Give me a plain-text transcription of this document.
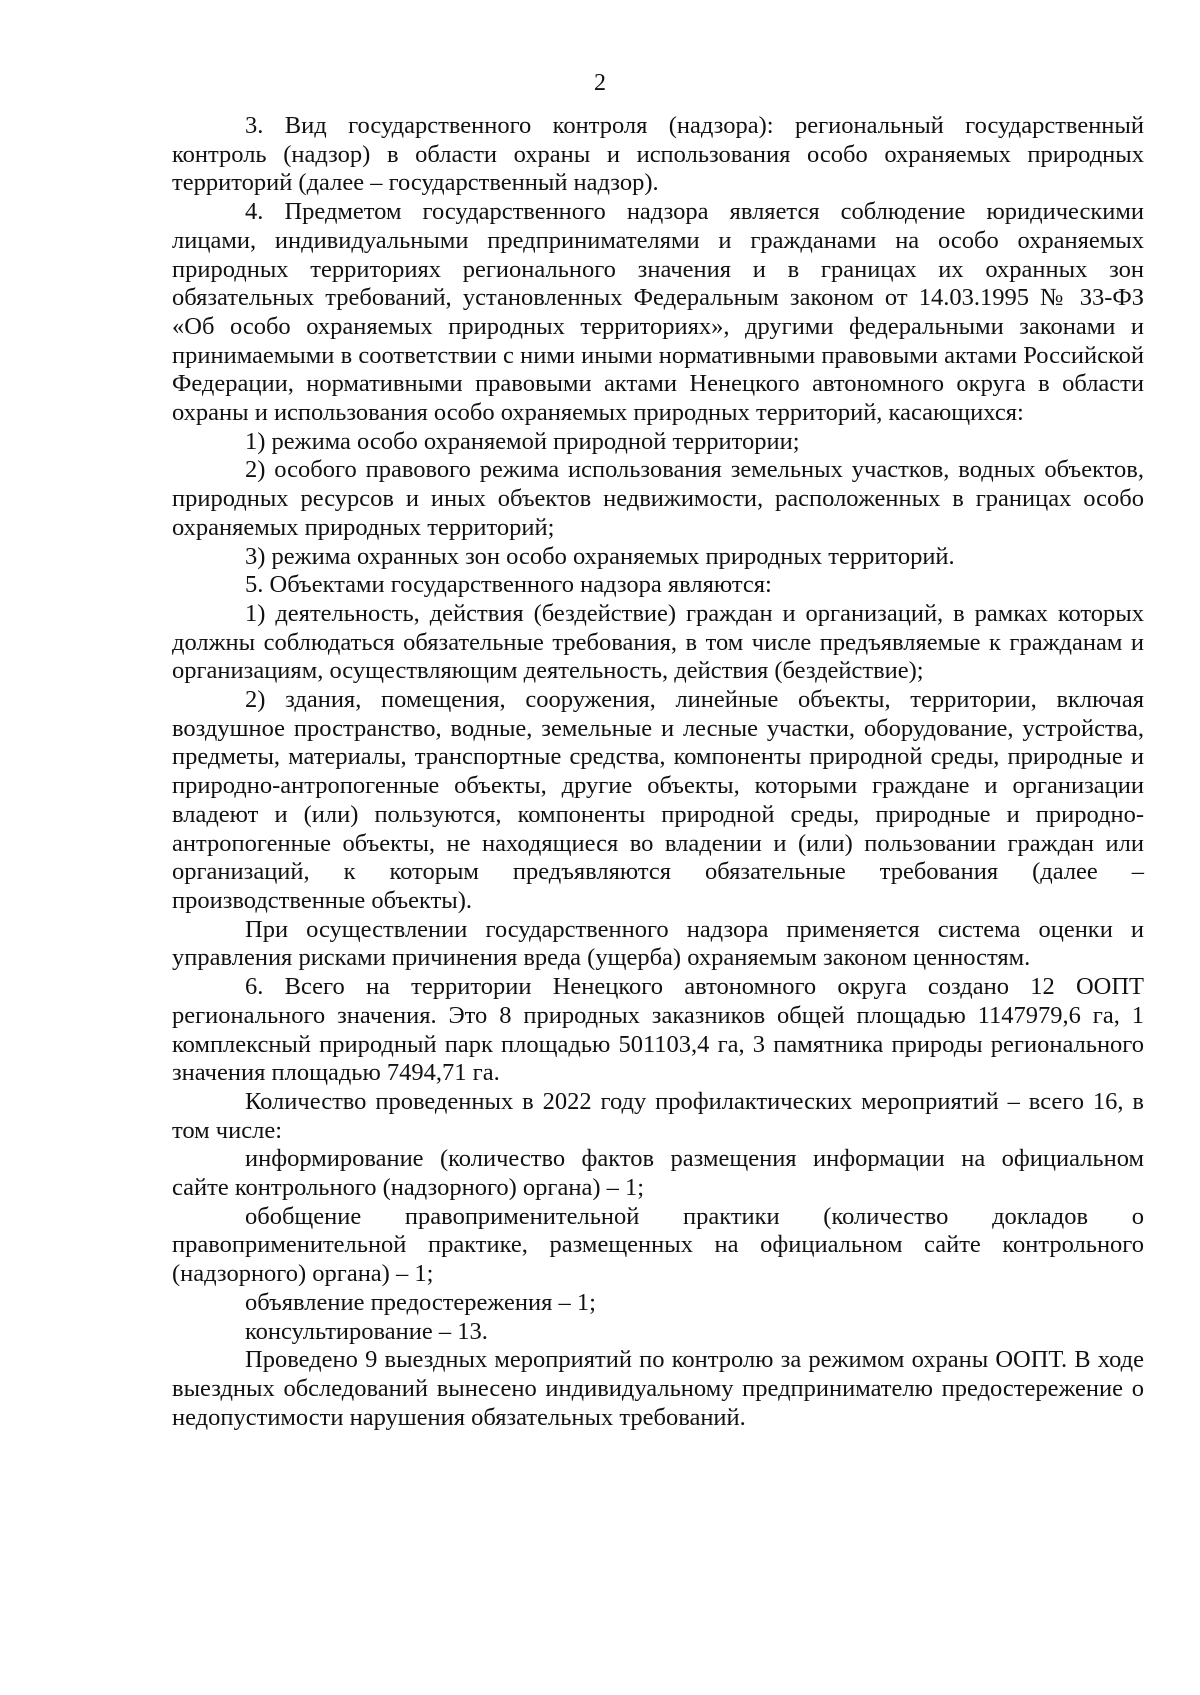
2

3. Вид государственного контроля (надзора): региональный государственный контроль (надзор) в области охраны и использования особо охраняемых природных территорий (далее – государственный надзор).

4. Предметом государственного надзора является соблюдение юридическими лицами, индивидуальными предпринимателями и гражданами на особо охраняемых природных территориях регионального значения и в границах их охранных зон обязательных требований, установленных Федеральным законом от 14.03.1995 № 33-ФЗ «Об особо охраняемых природных территориях», другими федеральными законами и принимаемыми в соответствии с ними иными нормативными правовыми актами Российской Федерации, нормативными правовыми актами Ненецкого автономного округа в области охраны и использования особо охраняемых природных территорий, касающихся:

1) режима особо охраняемой природной территории;

2) особого правового режима использования земельных участков, водных объектов, природных ресурсов и иных объектов недвижимости, расположенных в границах особо охраняемых природных территорий;

3) режима охранных зон особо охраняемых природных территорий.

5. Объектами государственного надзора являются:

1) деятельность, действия (бездействие) граждан и организаций, в рамках которых должны соблюдаться обязательные требования, в том числе предъявляемые к гражданам и организациям, осуществляющим деятельность, действия (бездействие);

2) здания, помещения, сооружения, линейные объекты, территории, включая воздушное пространство, водные, земельные и лесные участки, оборудование, устройства, предметы, материалы, транспортные средства, компоненты природной среды, природные и природно-антропогенные объекты, другие объекты, которыми граждане и организации владеют и (или) пользуются, компоненты природной среды, природные и природно-антропогенные объекты, не находящиеся во владении и (или) пользовании граждан или организаций, к которым предъявляются обязательные требования (далее – производственные объекты).

При осуществлении государственного надзора применяется система оценки и управления рисками причинения вреда (ущерба) охраняемым законом ценностям.

6. Всего на территории Ненецкого автономного округа создано 12 ООПТ регионального значения. Это 8 природных заказников общей площадью 1147979,6 га, 1 комплексный природный парк площадью 501103,4 га, 3 памятника природы регионального значения площадью 7494,71 га.

Количество проведенных в 2022 году профилактических мероприятий – всего 16, в том числе:

информирование (количество фактов размещения информации на официальном сайте контрольного (надзорного) органа) – 1;

обобщение правоприменительной практики (количество докладов о правоприменительной практике, размещенных на официальном сайте контрольного (надзорного) органа) – 1;

объявление предостережения – 1;

консультирование – 13.

Проведено 9 выездных мероприятий по контролю за режимом охраны ООПТ. В ходе выездных обследований вынесено индивидуальному предпринимателю предостережение о недопустимости нарушения обязательных требований.
